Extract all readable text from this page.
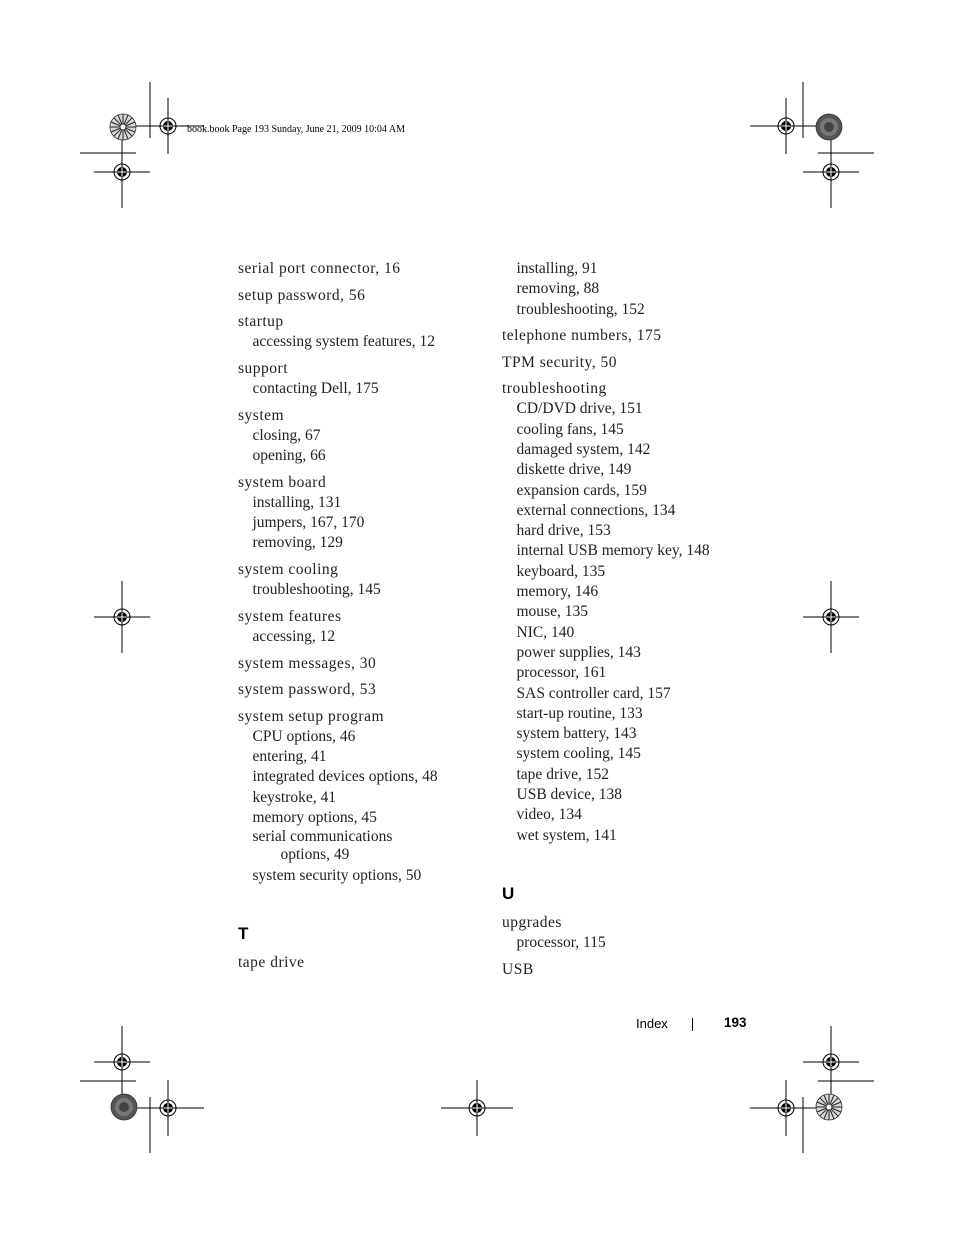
book.book Page 193 Sunday, June 21, 2009 10:04 AM
serial port connector, 16
setup password, 56
startup
accessing system features, 12
support
contacting Dell, 175
system
closing, 67
opening, 66
system board
installing, 131
jumpers, 167, 170
removing, 129
system cooling
troubleshooting, 145
system features
accessing, 12
system messages, 30
system password, 53
system setup program
CPU options, 46
entering, 41
integrated devices options, 48
keystroke, 41
memory options, 45
serial communications
options, 49
system security options, 50
T
tape drive
installing, 91
removing, 88
troubleshooting, 152
telephone numbers, 175
TPM security, 50
troubleshooting
CD/DVD drive, 151
cooling fans, 145
damaged system, 142
diskette drive, 149
expansion cards, 159
external connections, 134
hard drive, 153
internal USB memory key, 148
keyboard, 135
memory, 146
mouse, 135
NIC, 140
power supplies, 143
processor, 161
SAS controller card, 157
start-up routine, 133
system battery, 143
system cooling, 145
tape drive, 152
USB device, 138
video, 134
wet system, 141
U
upgrades
processor, 115
USB
Index	193
